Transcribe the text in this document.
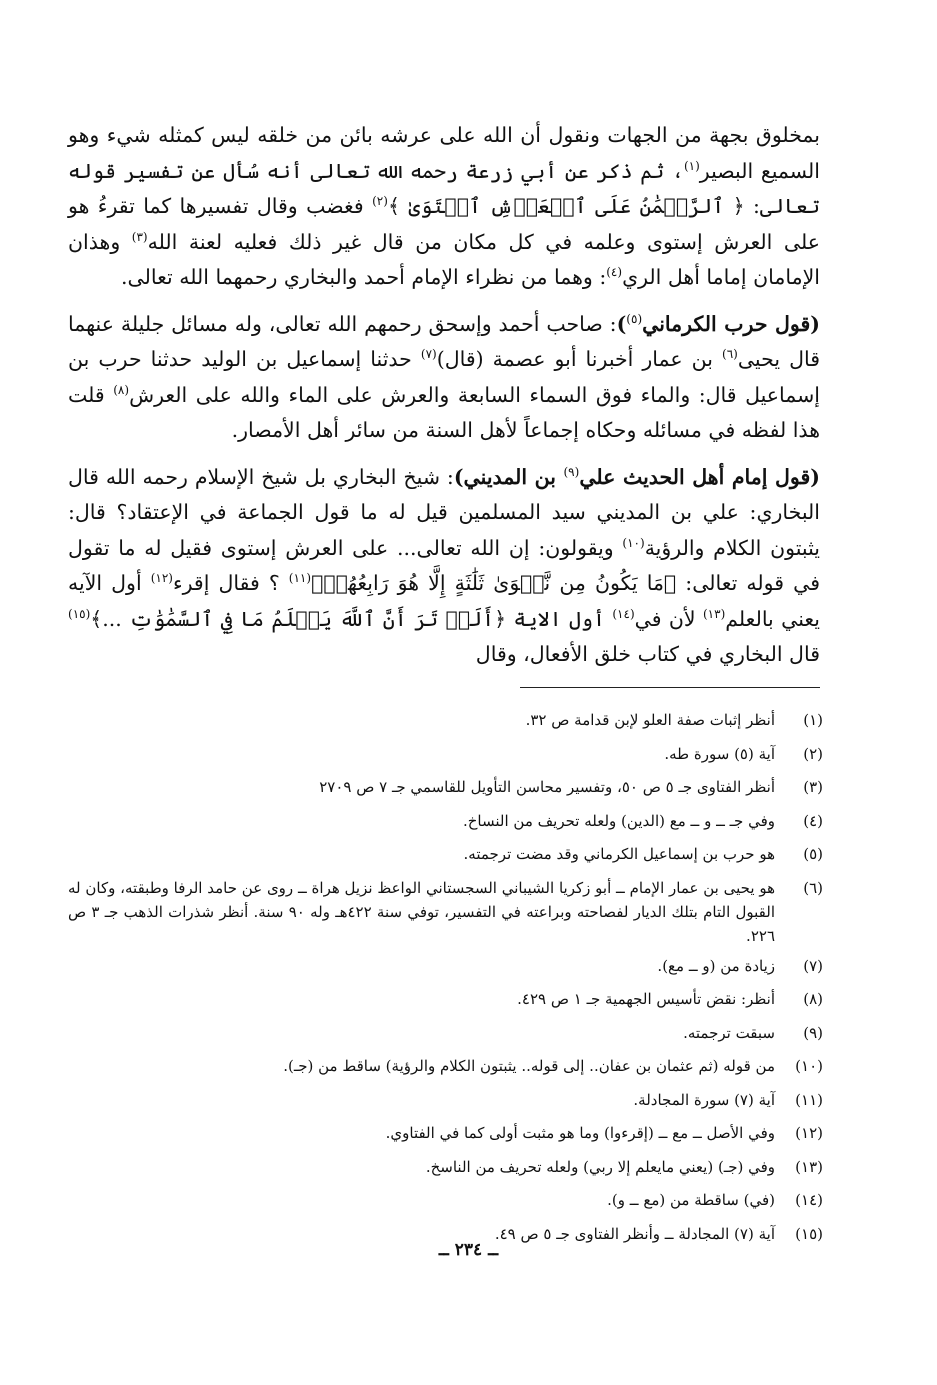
بمخلوق بجهة من الجهات ونقول أن الله على عرشه بائن من خلقه ليس كمثله شيء وهو السميع البصير$^{(١)}$، ثم ذكر عن أبي زرعة رحمه الله تعالى أنه سُأل عن تفسير قوله تعالى: ﴿ ٱلرَّحۡمَٰنُ عَلَى ٱلۡعَرۡشِ ٱسۡتَوَىٰ ﴾$^{(٢)}$ فغضب وقال تفسيرها كما تقرءُ هو على العرش إستوى وعلمه في كل مكان من قال غير ذلك فعليه لعنة الله$^{(٣)}$ وهذان الإمامان إماما أهل الري$^{(٤)}$: وهما من نظراء الإمام أحمد والبخاري رحمهما الله تعالى.

(قول حرب الكرماني$^{(٥)}$): صاحب أحمد وإسحق رحمهم الله تعالى، وله مسائل جليلة عنهما قال يحيى$^{(٦)}$ بن عمار أخبرنا أبو عصمة (قال)$^{(٧)}$ حدثنا إسماعيل بن الوليد حدثنا حرب بن إسماعيل قال: والماء فوق السماء السابعة والعرش على الماء والله على العرش$^{(٨)}$ قلت هذا لفظه في مسائله وحكاه إجماعاً لأهل السنة من سائر أهل الأمصار.

(قول إمام أهل الحديث علي$^{(٩)}$ بن المديني): شيخ البخاري بل شيخ الإسلام رحمه الله قال البخاري: علي بن المديني سيد المسلمين قيل له ما قول الجماعة في الإعتقاد؟ قال: يثبتون الكلام والرؤية$^{(١٠)}$ ويقولون: إن الله تعالى... على العرش إستوى فقيل له ما تقول في قوله تعالى: ﴿مَا يَكُونُ مِن نَّجۡوَىٰ ثَلَٰثَةٍ إِلَّا هُوَ رَابِعُهُمۡ﴾$^{(١١)}$ ؟ فقال إقرء$^{(١٢)}$ أول الآيه يعني بالعلم$^{(١٣)}$ لأن في$^{(١٤)}$ أول الاية ﴿أَلَمۡ تَرَ أَنَّ ٱللَّهَ يَعۡلَمُ مَا فِي ٱلسَّمَٰوَٰتِ ...﴾$^{(١٥)}$ قال البخاري في كتاب خلق الأفعال، وقال

(١)
أنظر إثبات صفة العلو لإبن قدامة ص ٣٢.
(٢)
آية (٥) سورة طه.
(٣)
أنظر الفتاوى جـ ٥ ص ٥٠، وتفسير محاسن التأويل للقاسمي جـ ٧ ص ٢٧٠٩
(٤)
وفي جـ ــ و ــ مع (الدين) ولعله تحريف من النساخ.
(٥)
هو حرب بن إسماعيل الكرماني وقد مضت ترجمته.
(٦)
هو يحيى بن عمار الإمام ــ أبو زكريا الشيباني السجستاني الواعظ نزيل هراة ــ روى عن حامد الرفا وطبقته، وكان له القبول التام بتلك الديار لفصاحته وبراعته في التفسير، توفي سنة ٤٢٢هـ وله ٩٠ سنة. أنظر شذرات الذهب جـ ٣ ص ٢٢٦.
(٧)
زيادة من (و ــ مع).
(٨)
أنظر: نقض تأسيس الجهمية جـ ١ ص ٤٢٩.
(٩)
سبقت ترجمته.
(١٠)
من قوله (ثم عثمان بن عفان.. إلى قوله.. يثبتون الكلام والرؤية) ساقط من (جـ).
(١١)
آية (٧) سورة المجادلة.
(١٢)
وفي الأصل ــ مع ــ (إقرءوا) وما هو مثبت أولى كما في الفتاوي.
(١٣)
وفي (جـ) (يعني مايعلم إلا ربي) ولعله تحريف من الناسخ.
(١٤)
(في) ساقطة من (مع ــ و).
(١٥)
آية (٧) المجادلة ــ وأنظر الفتاوى جـ ٥ ص ٤٩.
ــ ٢٣٤ ــ
